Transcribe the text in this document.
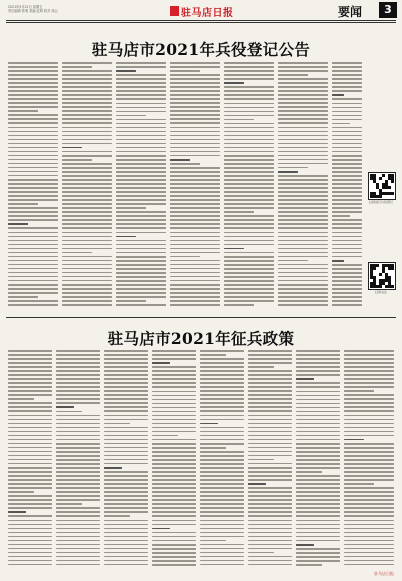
2021年5月21日 星期五
责任编辑 张明 美编 赵明 校对 周云	驻马店日报	要闻	3
驻马店市2021年兵役登记公告
扫码进行兵役登记
扫码关注
驻马店市2021年征兵政策
驻马店日报
